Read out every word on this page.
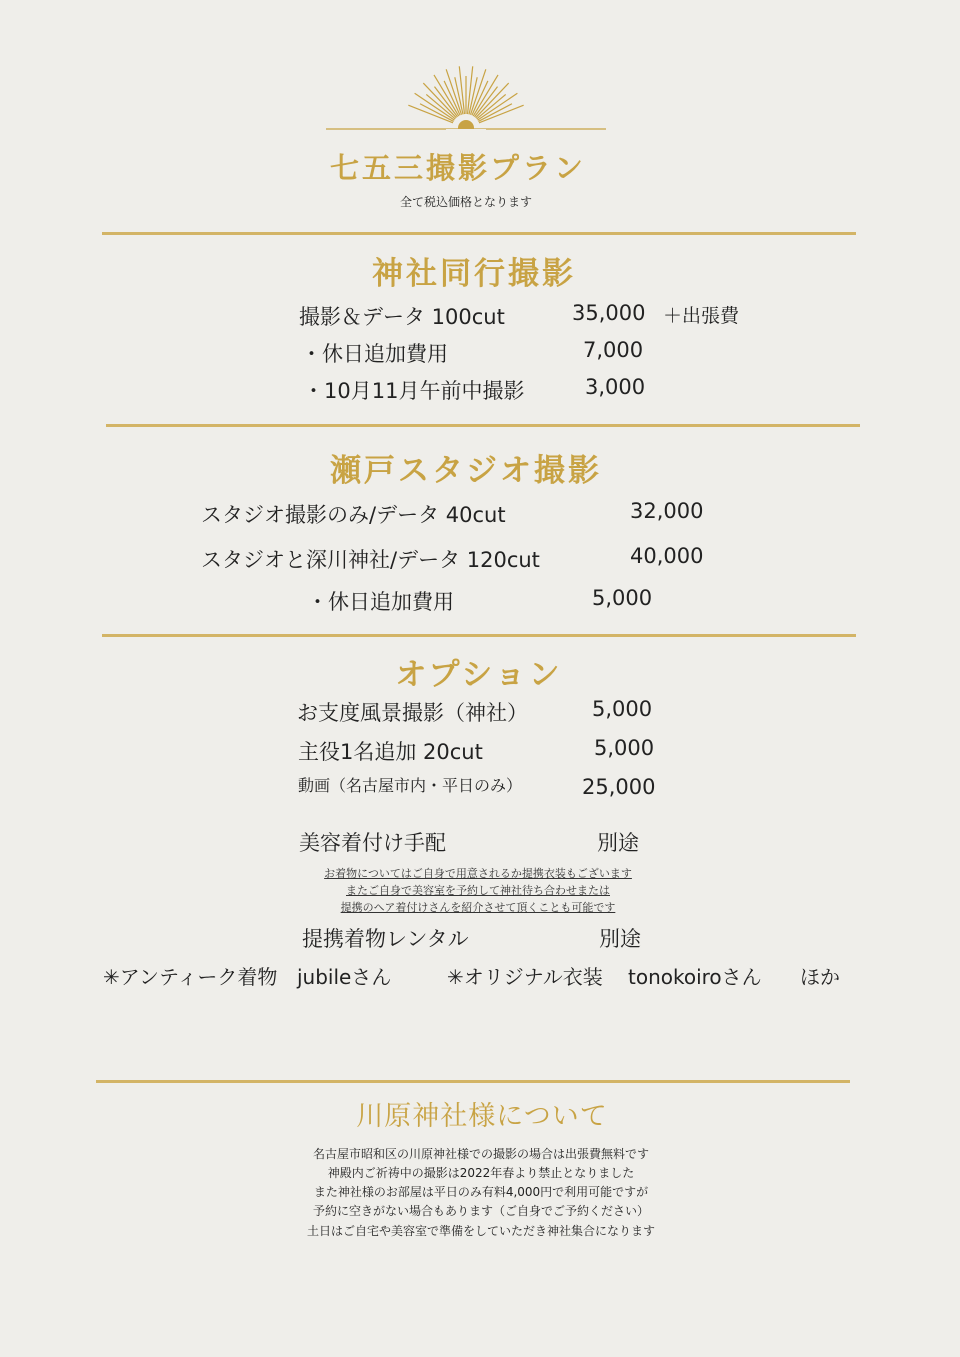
七五三撮影プラン
全て税込価格となります
神社同行撮影
撮影＆データ 100cut	35,000 ＋出張費
・休日追加費用	7,000
・10月11月午前中撮影	3,000
瀬戸スタジオ撮影
スタジオ撮影のみ/データ 40cut	32,000
スタジオと深川神社/データ 120cut	40,000
・休日追加費用	5,000
オプション
お支度風景撮影（神社）	5,000
主役1名追加 20cut	5,000
動画（名古屋市内・平日のみ）	25,000
美容着付け手配	別途
お着物についてはご自身で用意されるか提携衣装もございます
またご自身で美容室を予約して神社待ち合わせまたは
提携のヘア着付けさんを紹介させて頂くことも可能です
提携着物レンタル	別途
✳アンティーク着物 jubileさん	✳オリジナル衣装 tonokoiroさん ほか
川原神社様について
名古屋市昭和区の川原神社様での撮影の場合は出張費無料です
神殿内ご祈祷中の撮影は2022年春より禁止となりました
また神社様のお部屋は平日のみ有料4,000円で利用可能ですが
予約に空きがない場合もあります（ご自身でご予約ください）
土日はご自宅や美容室で準備をしていただき神社集合になります
